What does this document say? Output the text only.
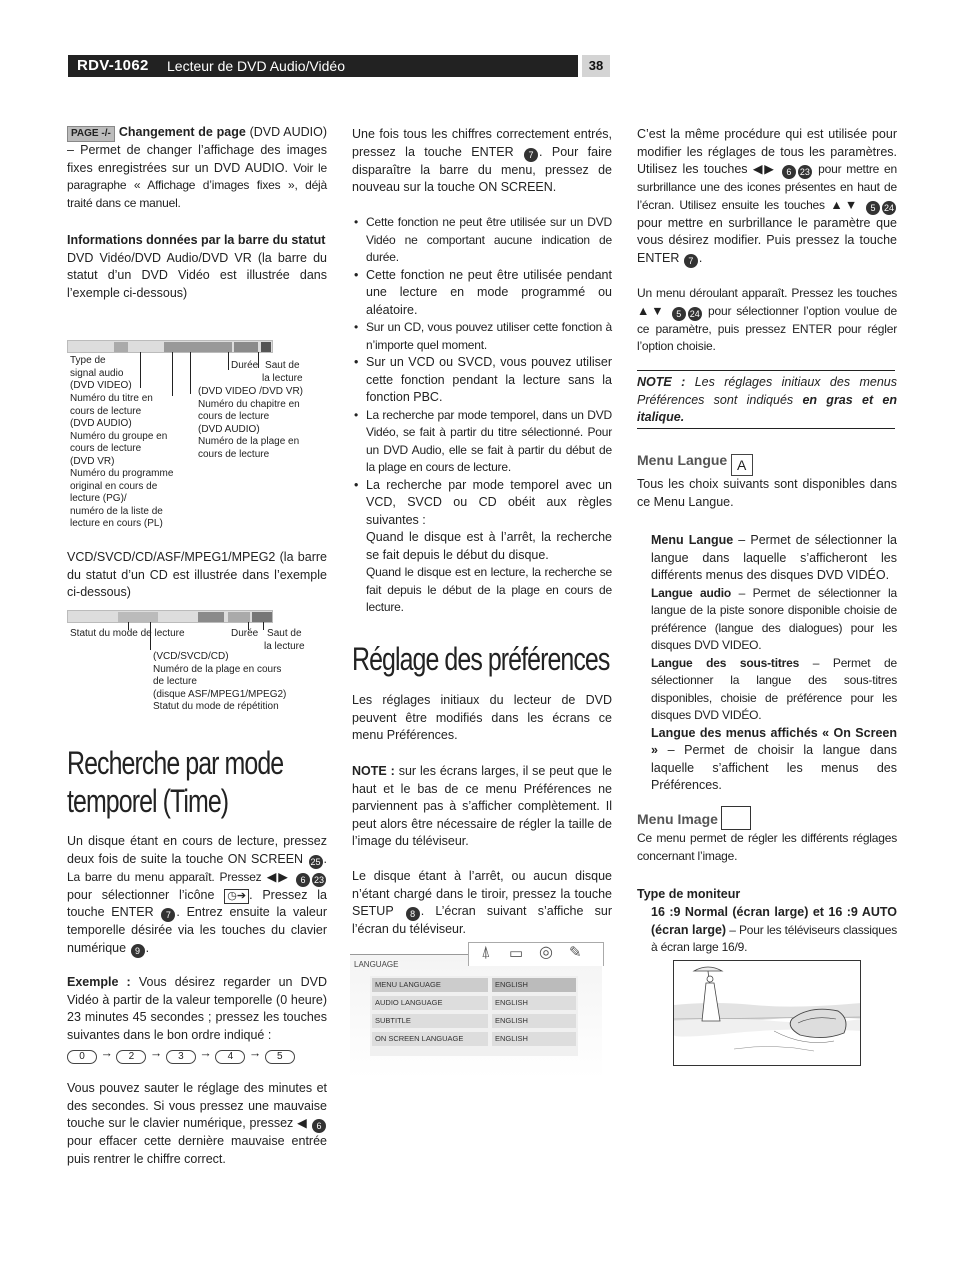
RDV-1062 Lecteur de DVD Audio/Vidéo	38

PAGE -/- Changement de page (DVD AUDIO) – Permet de changer l’affichage des images fixes enregistrées sur un DVD AUDIO. Voir le paragraphe « Affichage d’images fixes », déjà traité dans ce manuel.

Informations données par la barre du statut

DVD Vidéo/DVD Audio/DVD VR (la barre du statut d’un DVD Vidéo est illustrée dans l’exemple ci-dessous)

Type de
signal audio
(DVD VIDEO)
Numéro du titre en
cours de lecture
(DVD AUDIO)
Numéro du groupe en
cours de lecture
(DVD VR)
Numéro du programme
original en cours de
lecture (PG)/
numéro de la liste de
lecture en cours (PL)
Durée Saut de
la lecture
(DVD VIDEO /DVD VR)
Numéro du chapitre en
cours de lecture
(DVD AUDIO)
Numéro de la plage en
cours de lecture

VCD/SVCD/CD/ASF/MPEG1/MPEG2 (la barre du statut d’un CD est illustrée dans l’exemple ci-dessous)

Statut du mode de lecture	Durée Saut de
la lecture
(VCD/SVCD/CD)
Numéro de la plage en cours
de lecture
(disque ASF/MPEG1/MPEG2)
Statut du mode de répétition
Recherche par mode
temporel (Time)

Un disque étant en cours de lecture, pressez deux fois de suite la touche ON SCREEN 25 . La barre du menu apparaît. Pressez ◀▶ 6 23 pour sélectionner l’icône ◷➔ . Pressez la touche ENTER 7 . Entrez ensuite la valeur temporelle désirée via les touches du clavier numérique 9 .

Exemple : Vous désirez regarder un DVD Vidéo à partir de la valeur temporelle (0 heure) 23 minutes 45 secondes ; pressez les touches suivantes dans le bon ordre indiqué :

0 → 2 → 3 → 4 → 5

Vous pouvez sauter le réglage des minutes et des secondes. Si vous pressez une mauvaise touche sur le clavier numérique, pressez ◀ 6 pour effacer cette dernière mauvaise entrée puis rentrer le chiffre correct.

Une fois tous les chiffres correctement entrés, pressez la touche ENTER 7 . Pour faire disparaître la barre du menu, pressez de nouveau sur la touche ON SCREEN.

• Cette fonction ne peut être utilisée sur un DVD Vidéo ne comportant aucune indication de durée.
• Cette fonction ne peut être utilisée pendant une lecture en mode programmé ou aléatoire.
• Sur un CD, vous pouvez utiliser cette fonction à n’importe quel moment.
• Sur un VCD ou SVCD, vous pouvez utiliser cette fonction pendant la lecture sans la fonction PBC.
• La recherche par mode temporel, dans un DVD Vidéo, se fait à partir du titre sélectionné. Pour un DVD Audio, elle se fait à partir du début de la plage en cours de lecture.
• La recherche par mode temporel avec un VCD, SVCD ou CD obéit aux règles suivantes :

Quand le disque est à l’arrêt, la recherche se fait depuis le début du disque.

Quand le disque est en lecture, la recherche se fait depuis le début de la plage en cours de lecture.

Réglage des préférences

Les réglages initiaux du lecteur de DVD peuvent être modifiés dans les écrans ce menu Préférences.

NOTE : sur les écrans larges, il se peut que le haut et le bas de ce menu Préférences ne parviennent pas à s’afficher complètement. Il peut alors être nécessaire de régler la taille de l’image du téléviseur.

Le disque étant à l’arrêt, ou aucun disque n’étant chargé dans le tiroir, pressez la touche SETUP 8 . L’écran suivant s’affiche sur l’écran du téléviseur.

LANGUAGE
⍋ ▭ ◎ ✎
MENU LANGUAGE	ENGLISH
AUDIO LANGUAGE	ENGLISH
SUBTITLE	ENGLISH
ON SCREEN LANGUAGE	ENGLISH

C’est la même procédure qui est utilisée pour modifier les réglages de tous les paramètres. Utilisez les touches ◀▶ 6 23 pour mettre en surbrillance une des icones présentes en haut de l’écran. Utilisez ensuite les touches ▲▼ 5 24 pour mettre en surbrillance le paramètre que vous désirez modifier. Puis pressez la touche ENTER 7 .

Un menu déroulant apparaît. Pressez les touches ▲▼ 5 24 pour sélectionner l’option voulue de ce paramètre, puis pressez ENTER pour régler l’option choisie.

NOTE : Les réglages initiaux des menus Préférences sont indiqués en gras et en italique.

Menu Langue A

Tous les choix suivants sont disponibles dans ce Menu Langue.

Menu Langue – Permet de sélectionner la langue dans laquelle s’afficheront les différents menus des disques DVD VIDÉO.

Langue audio – Permet de sélectionner la langue de la piste sonore disponible choisie de préférence (langue des dialogues) pour les disques DVD VIDEO.

Langue des sous-titres – Permet de sélectionner la langue des sous-titres disponibles, choisie de préférence pour les disques DVD VIDÉO.

Langue des menus affichés « On Screen » – Permet de choisir la langue dans laquelle s’affichent les menus des Préférences.

Menu Image

Ce menu permet de régler les différents réglages concernant l’image.

Type de moniteur

16 :9 Normal (écran large) et 16 :9 AUTO (écran large) – Pour les téléviseurs classiques à écran large 16/9.
